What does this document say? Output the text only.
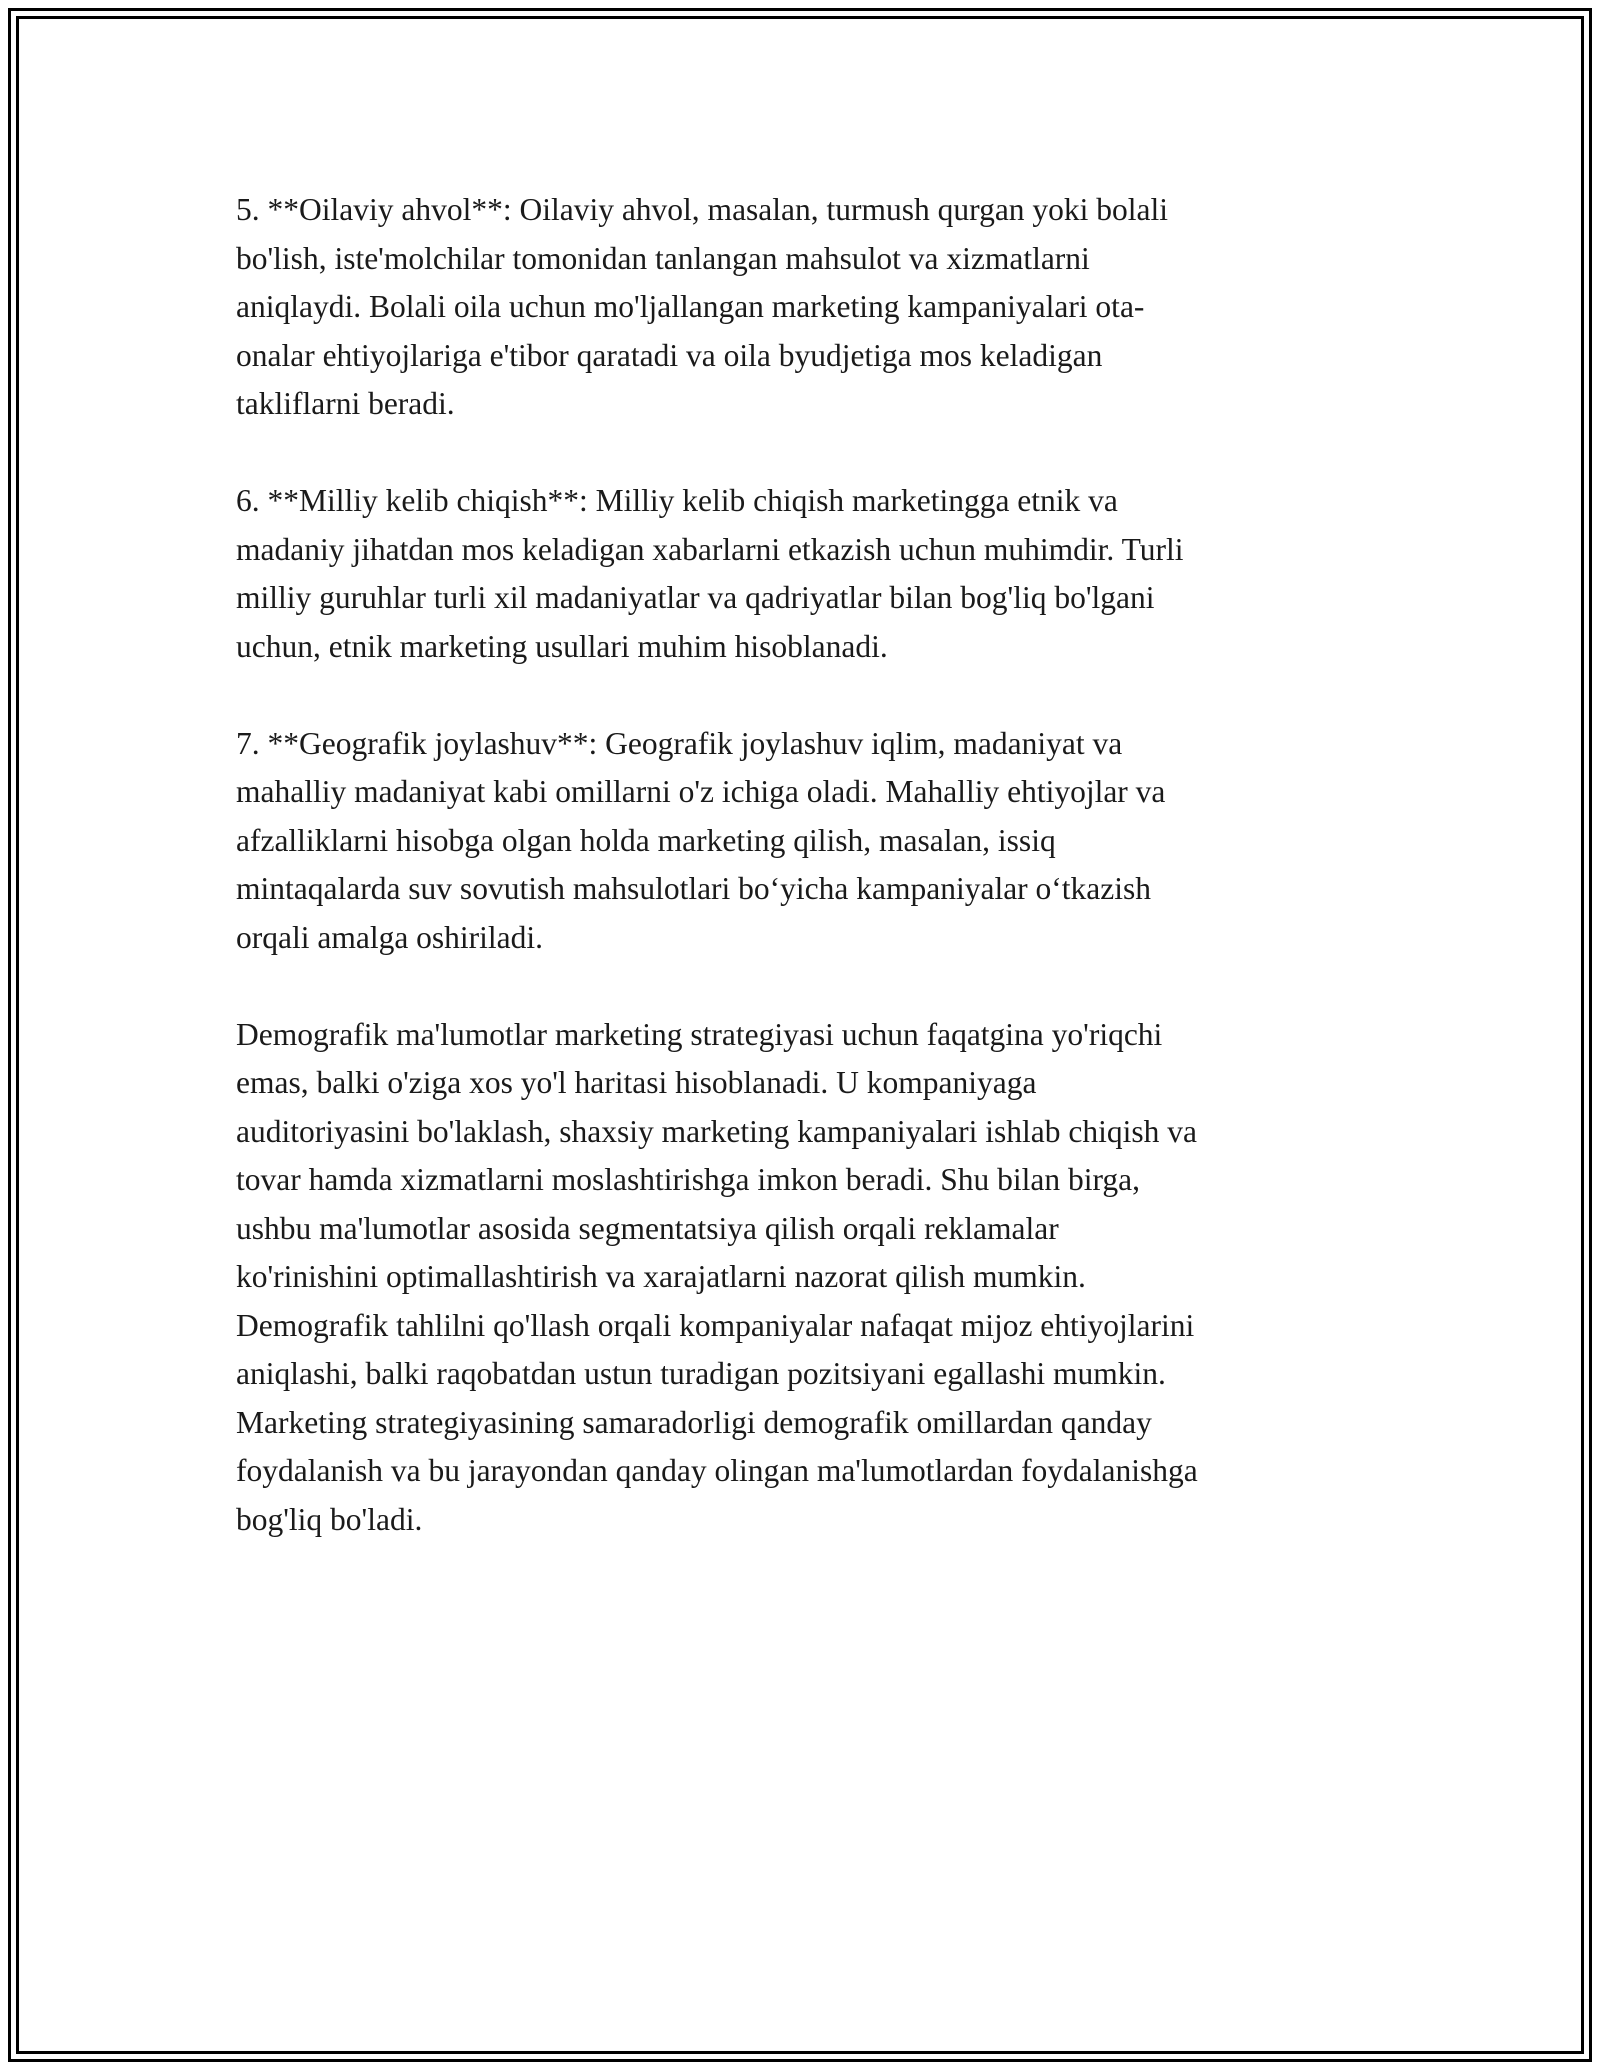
5. **Oilaviy ahvol**: Oilaviy ahvol, masalan, turmush qurgan yoki bolali
bo'lish, iste'molchilar tomonidan tanlangan mahsulot va xizmatlarni
aniqlaydi. Bolali oila uchun mo'ljallangan marketing kampaniyalari ota-
onalar ehtiyojlariga e'tibor qaratadi va oila byudjetiga mos keladigan
takliflarni beradi.

6. **Milliy kelib chiqish**: Milliy kelib chiqish marketingga etnik va
madaniy jihatdan mos keladigan xabarlarni etkazish uchun muhimdir. Turli
milliy guruhlar turli xil madaniyatlar va qadriyatlar bilan bog'liq bo'lgani
uchun, etnik marketing usullari muhim hisoblanadi.

7. **Geografik joylashuv**: Geografik joylashuv iqlim, madaniyat va
mahalliy madaniyat kabi omillarni o'z ichiga oladi. Mahalliy ehtiyojlar va
afzalliklarni hisobga olgan holda marketing qilish, masalan, issiq
mintaqalarda suv sovutish mahsulotlari bo‘yicha kampaniyalar o‘tkazish
orqali amalga oshiriladi.

Demografik ma'lumotlar marketing strategiyasi uchun faqatgina yo'riqchi
emas, balki o'ziga xos yo'l haritasi hisoblanadi. U kompaniyaga
auditoriyasini bo'laklash, shaxsiy marketing kampaniyalari ishlab chiqish va
tovar hamda xizmatlarni moslashtirishga imkon beradi. Shu bilan birga,
ushbu ma'lumotlar asosida segmentatsiya qilish orqali reklamalar
ko'rinishini optimallashtirish va xarajatlarni nazorat qilish mumkin.
Demografik tahlilni qo'llash orqali kompaniyalar nafaqat mijoz ehtiyojlarini
aniqlashi, balki raqobatdan ustun turadigan pozitsiyani egallashi mumkin.
Marketing strategiyasining samaradorligi demografik omillardan qanday
foydalanish va bu jarayondan qanday olingan ma'lumotlardan foydalanishga
bog'liq bo'ladi.
